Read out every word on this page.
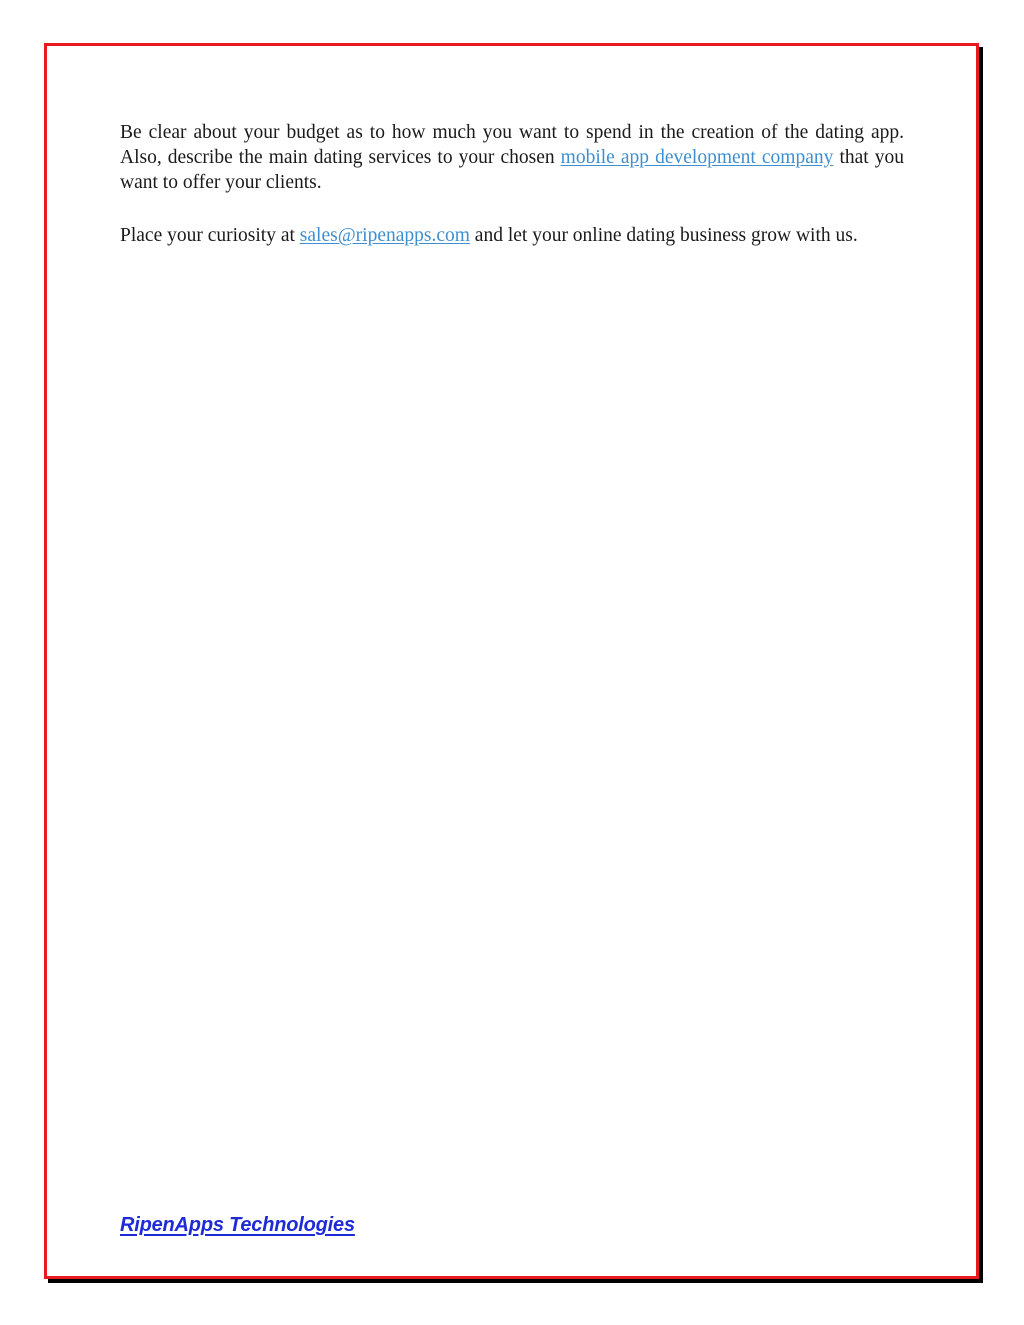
Be clear about your budget as to how much you want to spend in the creation of the dating app. Also, describe the main dating services to your chosen mobile app development company that you want to offer your clients.

Place your curiosity at sales@ripenapps.com and let your online dating business grow with us.

RipenApps Technologies
